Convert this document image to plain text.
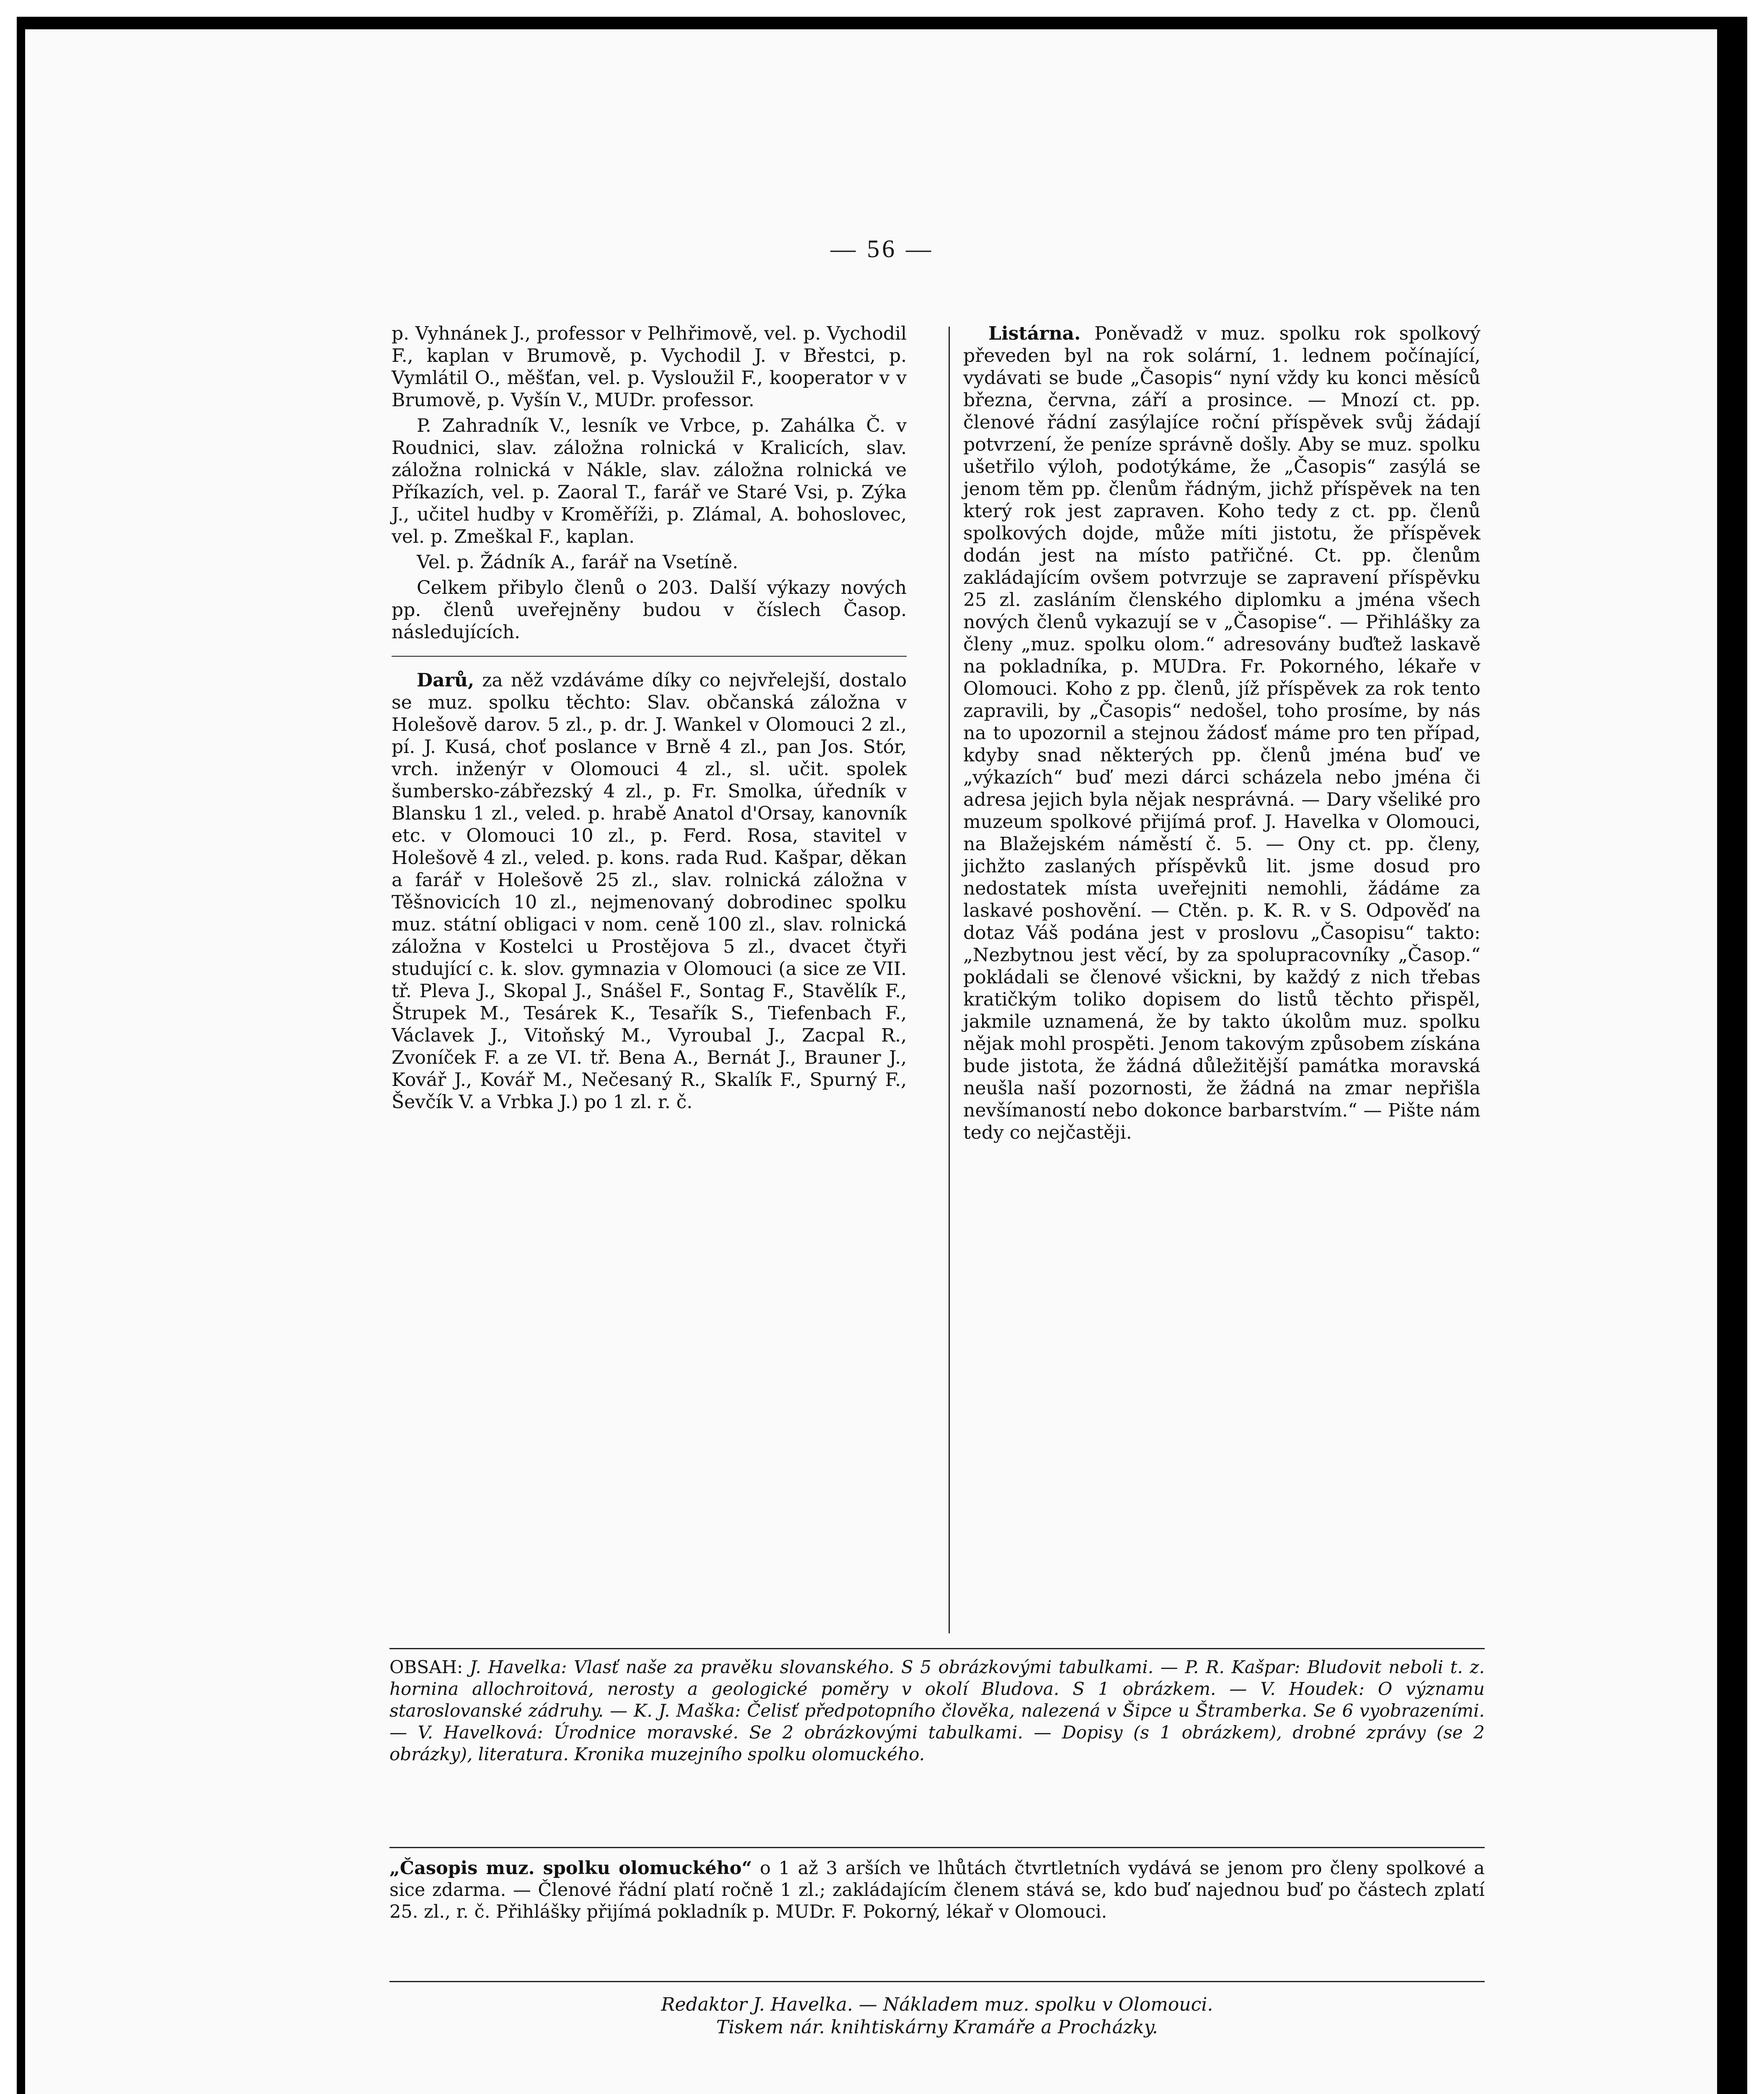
— 56 —

p. Vyhnánek J., professor v Pelhřimově, vel. p. Vychodil F., kaplan v Brumově, p. Vychodil J. v Břestci, p. Vymlátil O., měšťan, vel. p. Vysloužil F., kooperator v v Brumově, p. Vyšín V., MUDr. professor.

P. Zahradník V., lesník ve Vrbce, p. Zahálka Č. v Roudnici, slav. záložna rolnická v Kralicích, slav. záložna rolnická v Nákle, slav. záložna rolnická ve Příkazích, vel. p. Zaoral T., farář ve Staré Vsi, p. Zýka J., učitel hudby v Kroměříži, p. Zlámal, A. bohoslovec, vel. p. Zmeškal F., kaplan.

Vel. p. Žádník A., farář na Vsetíně.

Celkem přibylo členů o 203. Další výkazy nových pp. členů uveřejněny budou v číslech Časop. následujících.

Darů, za něž vzdáváme díky co nejvřelejší, dostalo se muz. spolku těchto: Slav. občanská záložna v Holešově darov. 5 zl., p. dr. J. Wankel v Olomouci 2 zl., pí. J. Kusá, choť poslance v Brně 4 zl., pan Jos. Stór, vrch. inženýr v Olomouci 4 zl., sl. učit. spolek šumbersko-zábřezský 4 zl., p. Fr. Smolka, úředník v Blansku 1 zl., veled. p. hrabě Anatol d'Orsay, kanovník etc. v Olomouci 10 zl., p. Ferd. Rosa, stavitel v Holešově 4 zl., veled. p. kons. rada Rud. Kašpar, děkan a farář v Holešově 25 zl., slav. rolnická záložna v Těšnovicích 10 zl., nejmenovaný dobrodinec spolku muz. státní obligaci v nom. ceně 100 zl., slav. rolnická záložna v Kostelci u Prostějova 5 zl., dvacet čtyři studující c. k. slov. gymnazia v Olomouci (a sice ze VII. tř. Pleva J., Skopal J., Snášel F., Sontag F., Stavělík F., Štrupek M., Tesárek K., Tesařík S., Tiefenbach F., Václavek J., Vitoňský M., Vyroubal J., Zacpal R., Zvoníček F. a ze VI. tř. Bena A., Bernát J., Brauner J., Kovář J., Kovář M., Nečesaný R., Skalík F., Spurný F., Ševčík V. a Vrbka J.) po 1 zl. r. č.

Listárna. Poněvadž v muz. spolku rok spolkový převeden byl na rok solární, 1. lednem počínající, vydávati se bude „Časopis“ nyní vždy ku konci měsíců března, června, září a prosince. — Mnozí ct. pp. členové řádní zasýlajíce roční příspěvek svůj žádají potvrzení, že peníze správně došly. Aby se muz. spolku ušetřilo výloh, podotýkáme, že „Časopis“ zasýlá se jenom těm pp. členům řádným, jichž příspěvek na ten který rok jest zapraven. Koho tedy z ct. pp. členů spolkových dojde, může míti jistotu, že příspěvek dodán jest na místo patřičné. Ct. pp. členům zakládajícím ovšem potvrzuje se zapravení příspěvku 25 zl. zasláním členského diplomku a jména všech nových členů vykazují se v „Časopise“. — Přihlášky za členy „muz. spolku olom.“ adresovány buďtež laskavě na pokladníka, p. MUDra. Fr. Pokorného, lékaře v Olomouci. Koho z pp. členů, jíž příspěvek za rok tento zapravili, by „Časopis“ nedošel, toho prosíme, by nás na to upozornil a stejnou žádosť máme pro ten případ, kdyby snad některých pp. členů jména buď ve „výkazích“ buď mezi dárci scházela nebo jména či adresa jejich byla nějak nesprávná. — Dary všeliké pro muzeum spolkové přijímá prof. J. Havelka v Olomouci, na Blažejském náměstí č. 5. — Ony ct. pp. členy, jichžto zaslaných příspěvků lit. jsme dosud pro nedostatek místa uveřejniti nemohli, žádáme za laskavé poshovění. — Ctěn. p. K. R. v S. Odpověď na dotaz Váš podána jest v proslovu „Časopisu“ takto: „Nezbytnou jest věcí, by za spolupracovníky „Časop.“ pokládali se členové všickni, by každý z nich třebas kratičkým toliko dopisem do listů těchto přispěl, jakmile uznamená, že by takto úkolům muz. spolku nějak mohl prospěti. Jenom takovým způsobem získána bude jistota, že žádná důležitější památka moravská neušla naší pozornosti, že žádná na zmar nepřišla nevšímaností nebo dokonce barbarstvím.“ — Pište nám tedy co nejčastěji.

OBSAH: J. Havelka: Vlasť naše za pravěku slovanského. S 5 obrázkovými tabulkami. — P. R. Kašpar: Bludovit neboli t. z. hornina allochroitová, nerosty a geologické poměry v okolí Bludova. S 1 obrázkem. — V. Houdek: O významu staroslovanské zádruhy. — K. J. Maška: Čelisť předpotopního člověka, nalezená v Šipce u Štramberka. Se 6 vyobrazeními. — V. Havelková: Úrodnice moravské. Se 2 obrázkovými tabulkami. — Dopisy (s 1 obrázkem), drobné zprávy (se 2 obrázky), literatura. Kronika muzejního spolku olomuckého.
„Časopis muz. spolku olomuckého“ o 1 až 3 arších ve lhůtách čtvrtletních vydává se jenom pro členy spolkové a sice zdarma. — Členové řádní platí ročně 1 zl.; zakládajícím členem stává se, kdo buď najednou buď po částech zplatí 25. zl., r. č. Přihlášky přijímá pokladník p. MUDr. F. Pokorný, lékař v Olomouci.
Redaktor J. Havelka. — Nákladem muz. spolku v Olomouci.
Tiskem nár. knihtiskárny Kramáře a Procházky.
